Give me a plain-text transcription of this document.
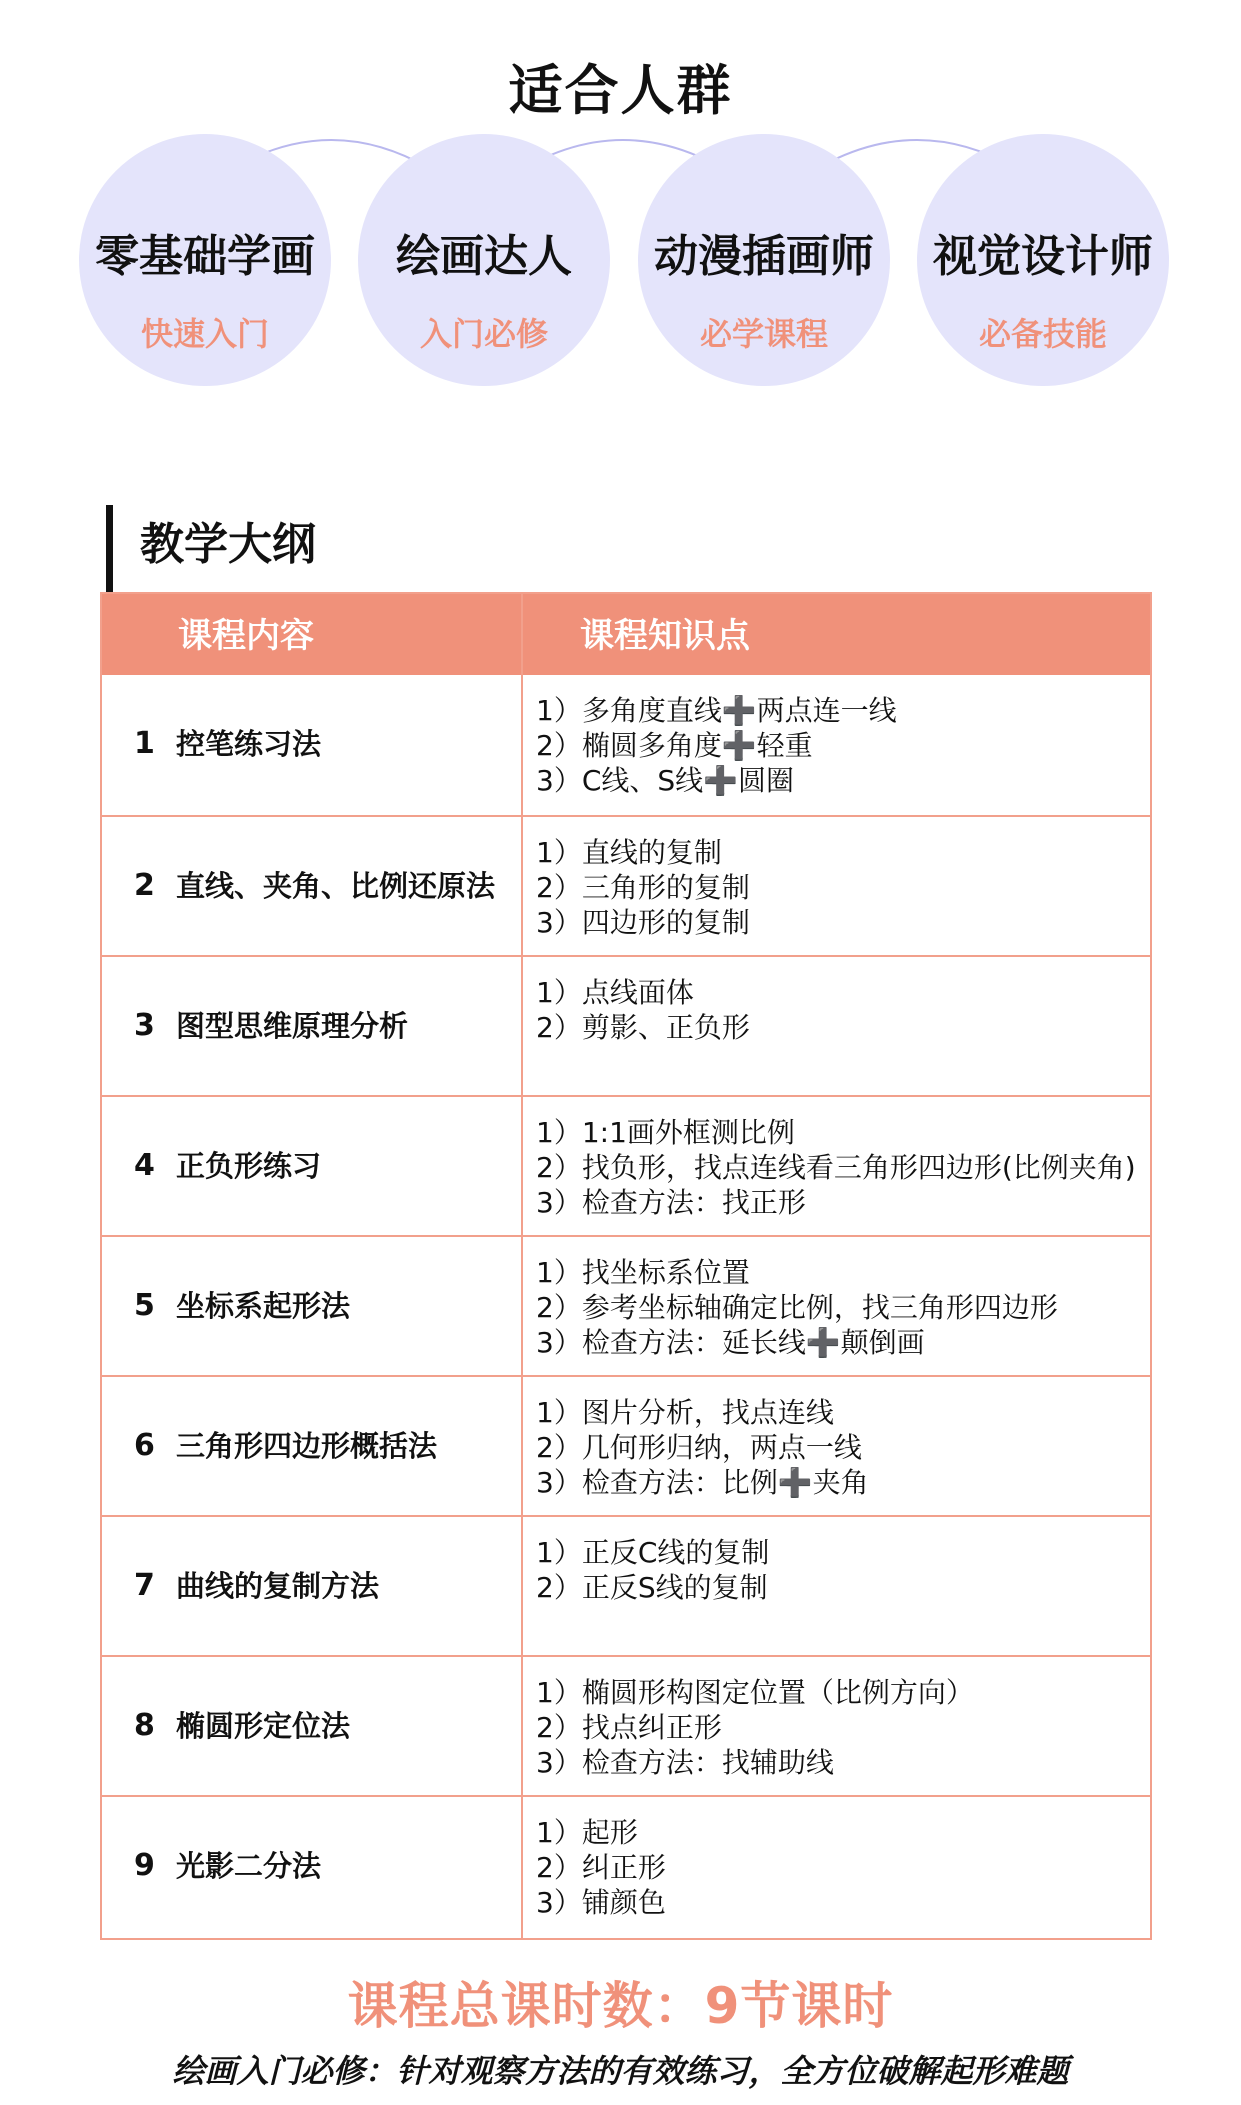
适合人群
零基础学画
快速入门
绘画达人
入门必修
动漫插画师
必学课程
视觉设计师
必备技能
教学大纲
课程内容	课程知识点
1 控笔练习法
1）多角度直线➕两点连一线
2）椭圆多角度➕轻重
3）C线、S线➕圆圈
2 直线、夹角、比例还原法
1）直线的复制
2）三角形的复制
3）四边形的复制
3 图型思维原理分析
1）点线面体
2）剪影、正负形
4 正负形练习
1）1:1画外框测比例
2）找负形，找点连线看三角形四边形(比例夹角)
3）检查方法：找正形
5 坐标系起形法
1）找坐标系位置
2）参考坐标轴确定比例，找三角形四边形
3）检查方法：延长线➕颠倒画
6 三角形四边形概括法
1）图片分析，找点连线
2）几何形归纳，两点一线
3）检查方法：比例➕夹角
7 曲线的复制方法
1）正反C线的复制
2）正反S线的复制
8 椭圆形定位法
1）椭圆形构图定位置（比例方向）
2）找点纠正形
3）检查方法：找辅助线
9 光影二分法
1）起形
2）纠正形
3）铺颜色
课程总课时数：9节课时
绘画入门必修：针对观察方法的有效练习，全方位破解起形难题
